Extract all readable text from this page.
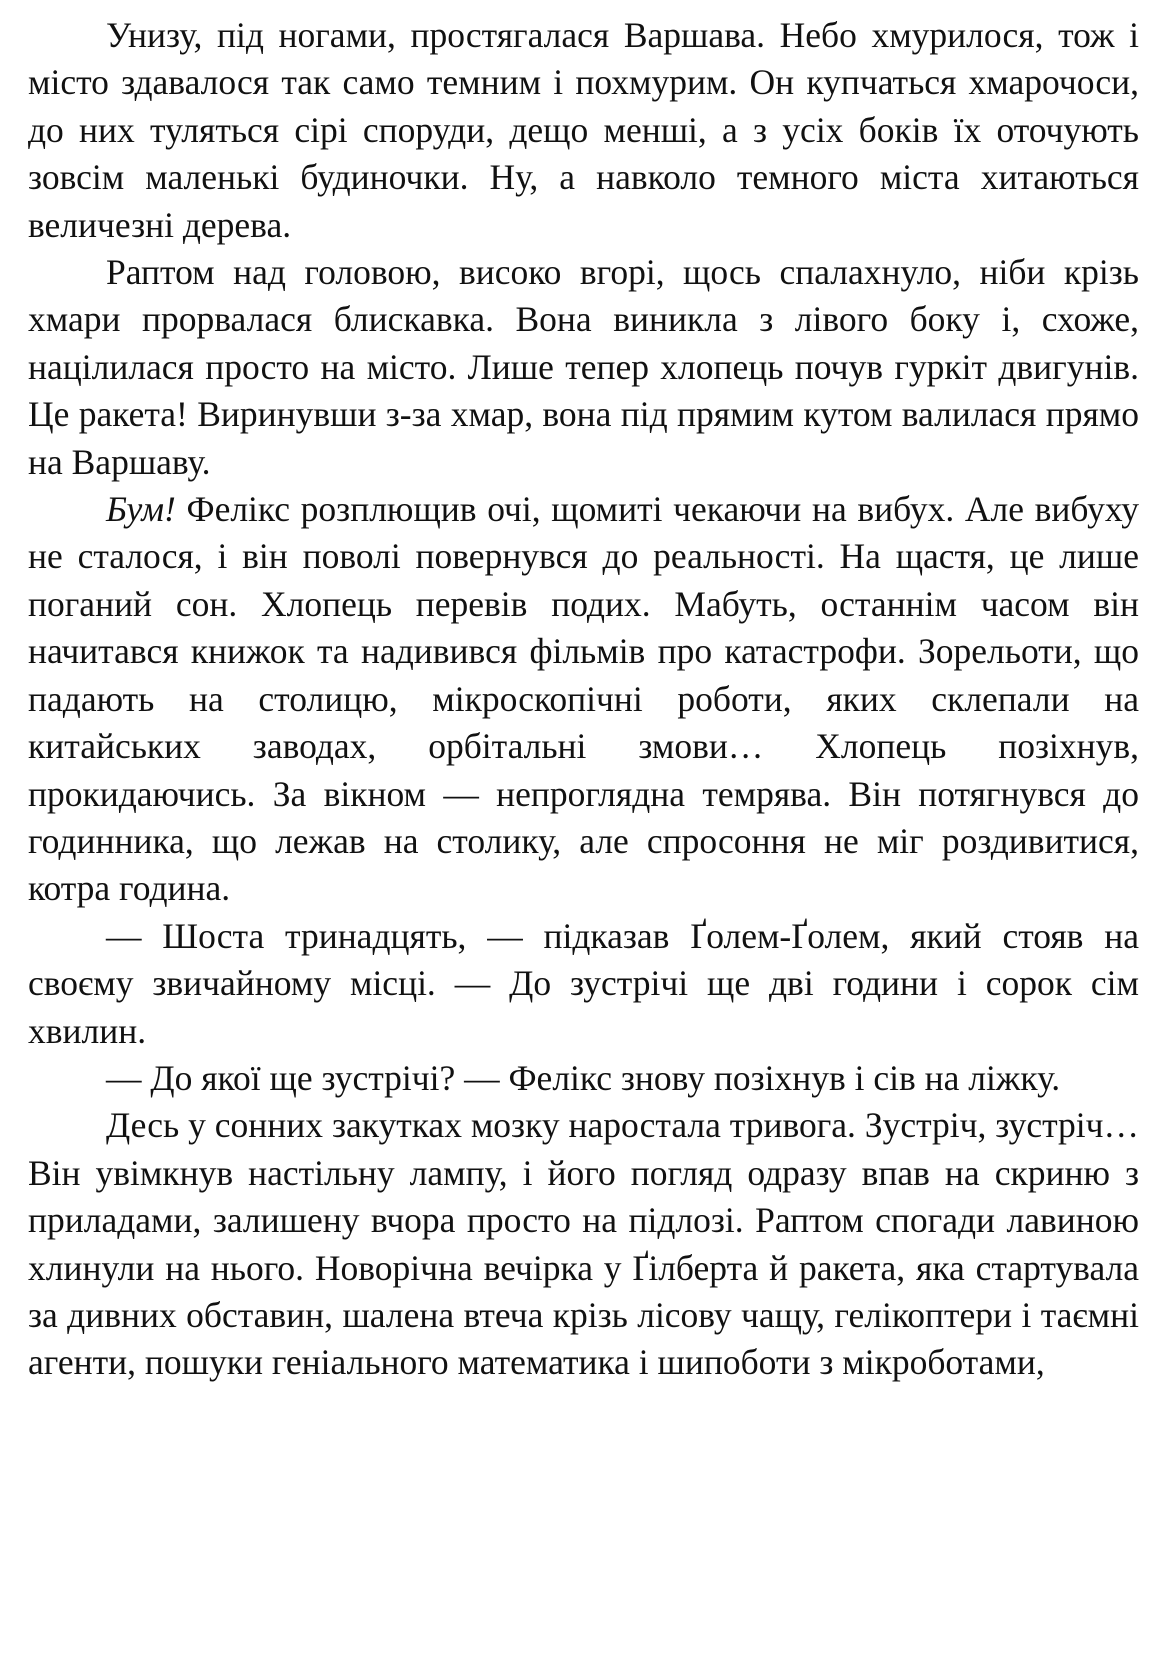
Унизу, під ногами, простягалася Варшава. Небо хмурилося, тож і місто здавалося так само темним і похмурим. Он купчаться хмарочоси, до них туляться сірі споруди, дещо менші, а з усіх боків їх оточують зовсім маленькі будиночки. Ну, а навколо темного міста хитаються величезні дерева.

Раптом над головою, високо вгорі, щось спалахнуло, ніби крізь хмари прорвалася блискавка. Вона виникла з лівого боку і, схоже, націлилася просто на місто. Лише тепер хлопець почув гуркіт двигунів. Це ракета! Виринувши з-за хмар, вона під прямим кутом валилася прямо на Варшаву.

Бум! Фелікс розплющив очі, щомиті чекаючи на вибух. Але вибуху не сталося, і він поволі повернувся до реальності. На щастя, це лише поганий сон. Хлопець перевів подих. Мабуть, останнім часом він начитався книжок та надивився фільмів про катастрофи. Зорельоти, що падають на столицю, мікроскопічні роботи, яких склепали на китайських заводах, орбітальні змови… Хлопець позіхнув, прокидаючись. За вікном — непроглядна темрява. Він потягнувся до годинника, що лежав на столику, але спросоння не міг роздивитися, котра година.

— Шоста тринадцять, — підказав Ґолем-Ґолем, який стояв на своєму звичайному місці. — До зустрічі ще дві години і сорок сім хвилин.

— До якої ще зустрічі? — Фелікс знову позіхнув і сів на ліжку.

Десь у сонних закутках мозку наростала тривога. Зустріч, зустріч… Він увімкнув настільну лампу, і його погляд одразу впав на скриню з приладами, залишену вчора просто на підлозі. Раптом спогади лавиною хлинули на нього. Новорічна вечірка у Ґілберта й ракета, яка стартувала за дивних обставин, шалена втеча крізь лісову чащу, гелікоптери і таємні агенти, пошуки геніального математика і шипоботи з мікроботами,
